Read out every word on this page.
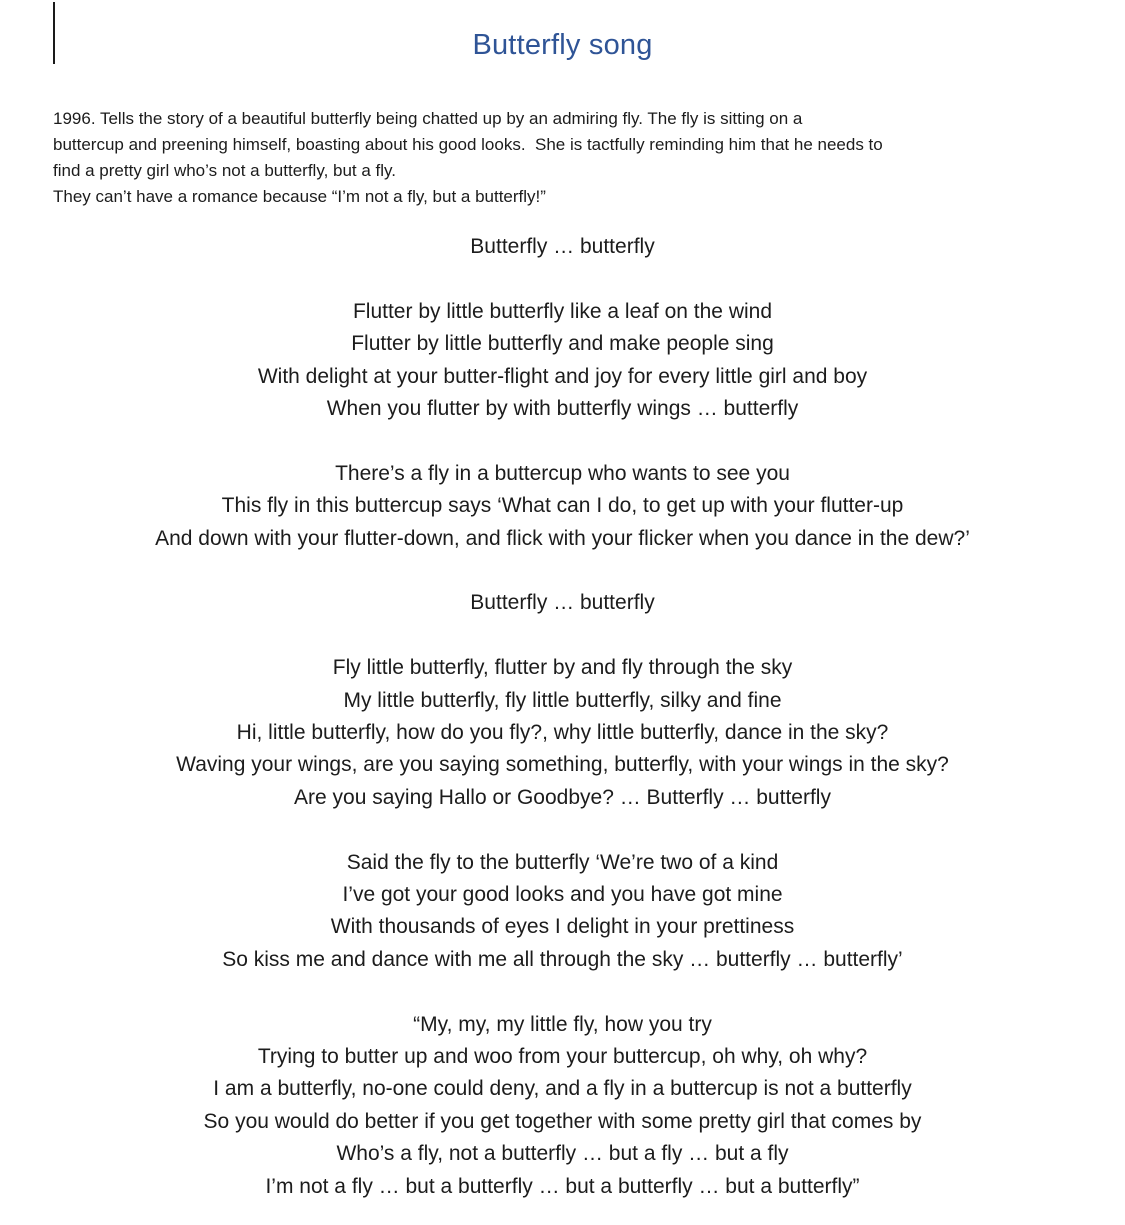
Butterfly song
1996. Tells the story of a beautiful butterfly being chatted up by an admiring fly. The fly is sitting on a
buttercup and preening himself, boasting about his good looks.  She is tactfully reminding him that he needs to
find a pretty girl who’s not a butterfly, but a fly.
They can’t have a romance because “I’m not a fly, but a butterfly!”
Butterfly … butterfly
Flutter by little butterfly like a leaf on the wind
Flutter by little butterfly and make people sing
With delight at your butter-flight and joy for every little girl and boy
When you flutter by with butterfly wings … butterfly
There’s a fly in a buttercup who wants to see you
This fly in this buttercup says ‘What can I do, to get up with your flutter-up
And down with your flutter-down, and flick with your flicker when you dance in the dew?’
Butterfly … butterfly
Fly little butterfly, flutter by and fly through the sky
My little butterfly, fly little butterfly, silky and fine
Hi, little butterfly, how do you fly?, why little butterfly, dance in the sky?
Waving your wings, are you saying something, butterfly, with your wings in the sky?
Are you saying Hallo or Goodbye? … Butterfly … butterfly
Said the fly to the butterfly ‘We’re two of a kind
I’ve got your good looks and you have got mine
With thousands of eyes I delight in your prettiness
So kiss me and dance with me all through the sky … butterfly … butterfly’
“My, my, my little fly, how you try
Trying to butter up and woo from your buttercup, oh why, oh why?
I am a butterfly, no-one could deny, and a fly in a buttercup is not a butterfly
So you would do better if you get together with some pretty girl that comes by
Who’s a fly, not a butterfly … but a fly … but a fly
I’m not a fly … but a butterfly … but a butterfly … but a butterfly”
